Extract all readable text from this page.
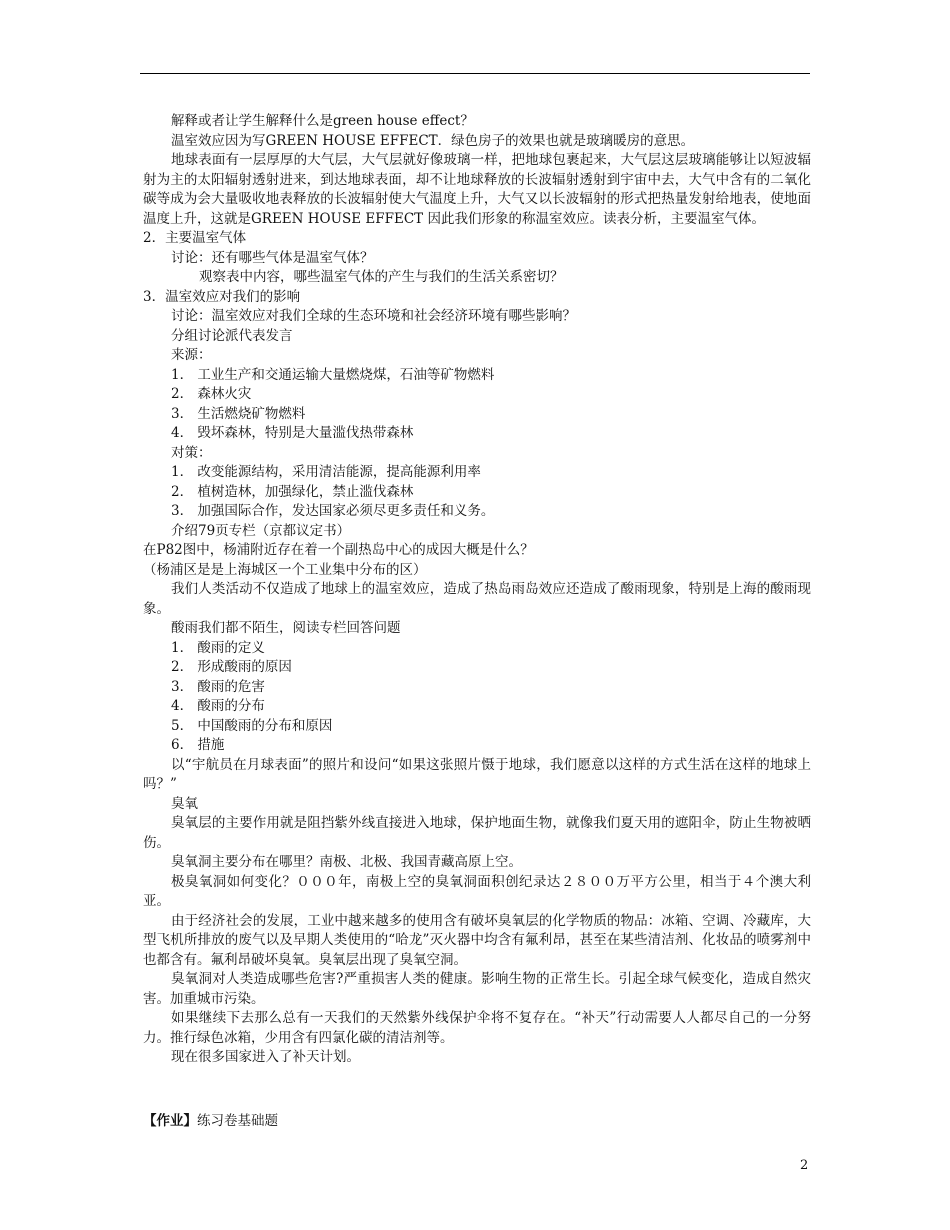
解释或者让学生解释什么是green house effect？
温室效应因为写GREEN HOUSE EFFECT．绿色房子的效果也就是玻璃暖房的意思。
地球表面有一层厚厚的大气层，大气层就好像玻璃一样，把地球包裹起来，大气层这层玻璃能够让以短波辐射为主的太阳辐射透射进来，到达地球表面，却不让地球释放的长波辐射透射到宇宙中去，大气中含有的二氧化碳等成为会大量吸收地表释放的长波辐射使大气温度上升，大气又以长波辐射的形式把热量发射给地表，使地面温度上升，这就是GREEN HOUSE EFFECT 因此我们形象的称温室效应。读表分析，主要温室气体。
2．主要温室气体
讨论：还有哪些气体是温室气体？
观察表中内容，哪些温室气体的产生与我们的生活关系密切？
3．温室效应对我们的影响
讨论：温室效应对我们全球的生态环境和社会经济环境有哪些影响？
分组讨论派代表发言
来源：
1． 工业生产和交通运输大量燃烧煤，石油等矿物燃料
2． 森林火灾
3． 生活燃烧矿物燃料
4． 毁坏森林，特别是大量滥伐热带森林
对策：
1． 改变能源结构，采用清洁能源，提高能源利用率
2． 植树造林，加强绿化，禁止滥伐森林
3． 加强国际合作，发达国家必须尽更多责任和义务。
介绍79页专栏（京都议定书）
在P82图中，杨浦附近存在着一个副热岛中心的成因大概是什么？
（杨浦区是是上海城区一个工业集中分布的区）
我们人类活动不仅造成了地球上的温室效应，造成了热岛雨岛效应还造成了酸雨现象，特别是上海的酸雨现象。
酸雨我们都不陌生，阅读专栏回答问题
1． 酸雨的定义
2． 形成酸雨的原因
3． 酸雨的危害
4． 酸雨的分布
5． 中国酸雨的分布和原因
6． 措施
以“宇航员在月球表面”的照片和设问“如果这张照片慑于地球，我们愿意以这样的方式生活在这样的地球上吗？”
臭氧
臭氧层的主要作用就是阻挡紫外线直接进入地球，保护地面生物，就像我们夏天用的遮阳伞，防止生物被晒伤。
臭氧洞主要分布在哪里？南极、北极、我国青藏高原上空。
极臭氧洞如何变化？０００年，南极上空的臭氧洞面积创纪录达２８００万平方公里，相当于４个澳大利亚。
由于经济社会的发展，工业中越来越多的使用含有破坏臭氧层的化学物质的物品：冰箱、空调、冷藏库，大型飞机所排放的废气以及早期人类使用的“哈龙”灭火器中均含有氟利昂，甚至在某些清洁剂、化妆品的喷雾剂中也都含有。氟利昂破坏臭氧。臭氧层出现了臭氧空洞。
臭氧洞对人类造成哪些危害?严重损害人类的健康。影响生物的正常生长。引起全球气候变化，造成自然灾害。加重城市污染。
如果继续下去那么总有一天我们的天然紫外线保护伞将不复存在。“补天”行动需要人人都尽自己的一分努力。推行绿色冰箱，少用含有四氯化碳的清洁剂等。
现在很多国家进入了补天计划。
【作业】练习卷基础题
2
